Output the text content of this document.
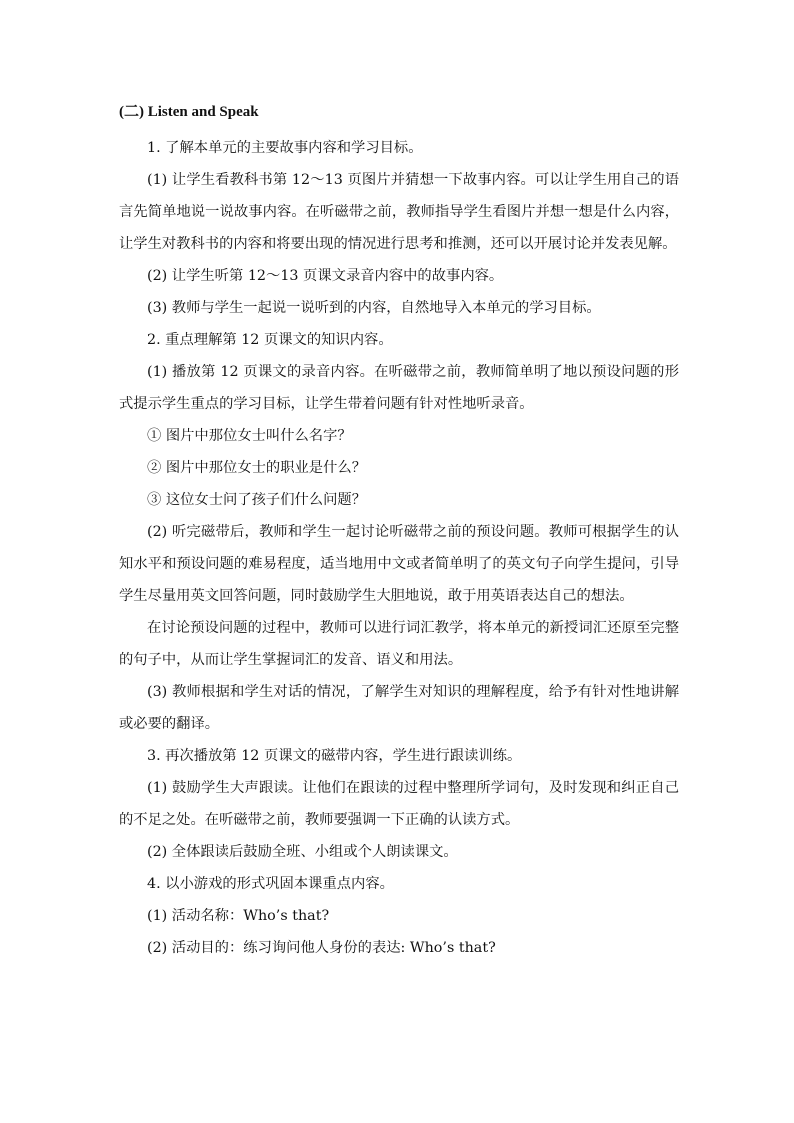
(二) Listen and Speak

1. 了解本单元的主要故事内容和学习目标。

(1) 让学生看教科书第 12～13 页图片并猜想一下故事内容。可以让学生用自己的语言先简单地说一说故事内容。在听磁带之前，教师指导学生看图片并想一想是什么内容，让学生对教科书的内容和将要出现的情况进行思考和推测，还可以开展讨论并发表见解。

(2) 让学生听第 12～13 页课文录音内容中的故事内容。

(3) 教师与学生一起说一说听到的内容，自然地导入本单元的学习目标。

2. 重点理解第 12 页课文的知识内容。

(1) 播放第 12 页课文的录音内容。在听磁带之前，教师简单明了地以预设问题的形式提示学生重点的学习目标，让学生带着问题有针对性地听录音。

① 图片中那位女士叫什么名字？

② 图片中那位女士的职业是什么？

③ 这位女士问了孩子们什么问题？

(2) 听完磁带后，教师和学生一起讨论听磁带之前的预设问题。教师可根据学生的认知水平和预设问题的难易程度，适当地用中文或者简单明了的英文句子向学生提问，引导学生尽量用英文回答问题，同时鼓励学生大胆地说，敢于用英语表达自己的想法。

在讨论预设问题的过程中，教师可以进行词汇教学，将本单元的新授词汇还原至完整的句子中，从而让学生掌握词汇的发音、语义和用法。

(3) 教师根据和学生对话的情况，了解学生对知识的理解程度，给予有针对性地讲解或必要的翻译。

3. 再次播放第 12 页课文的磁带内容，学生进行跟读训练。

(1) 鼓励学生大声跟读。让他们在跟读的过程中整理所学词句，及时发现和纠正自己的不足之处。在听磁带之前，教师要强调一下正确的认读方式。

(2) 全体跟读后鼓励全班、小组或个人朗读课文。

4. 以小游戏的形式巩固本课重点内容。

(1) 活动名称：Who’s that?

(2) 活动目的：练习询问他人身份的表达: Who’s that?
